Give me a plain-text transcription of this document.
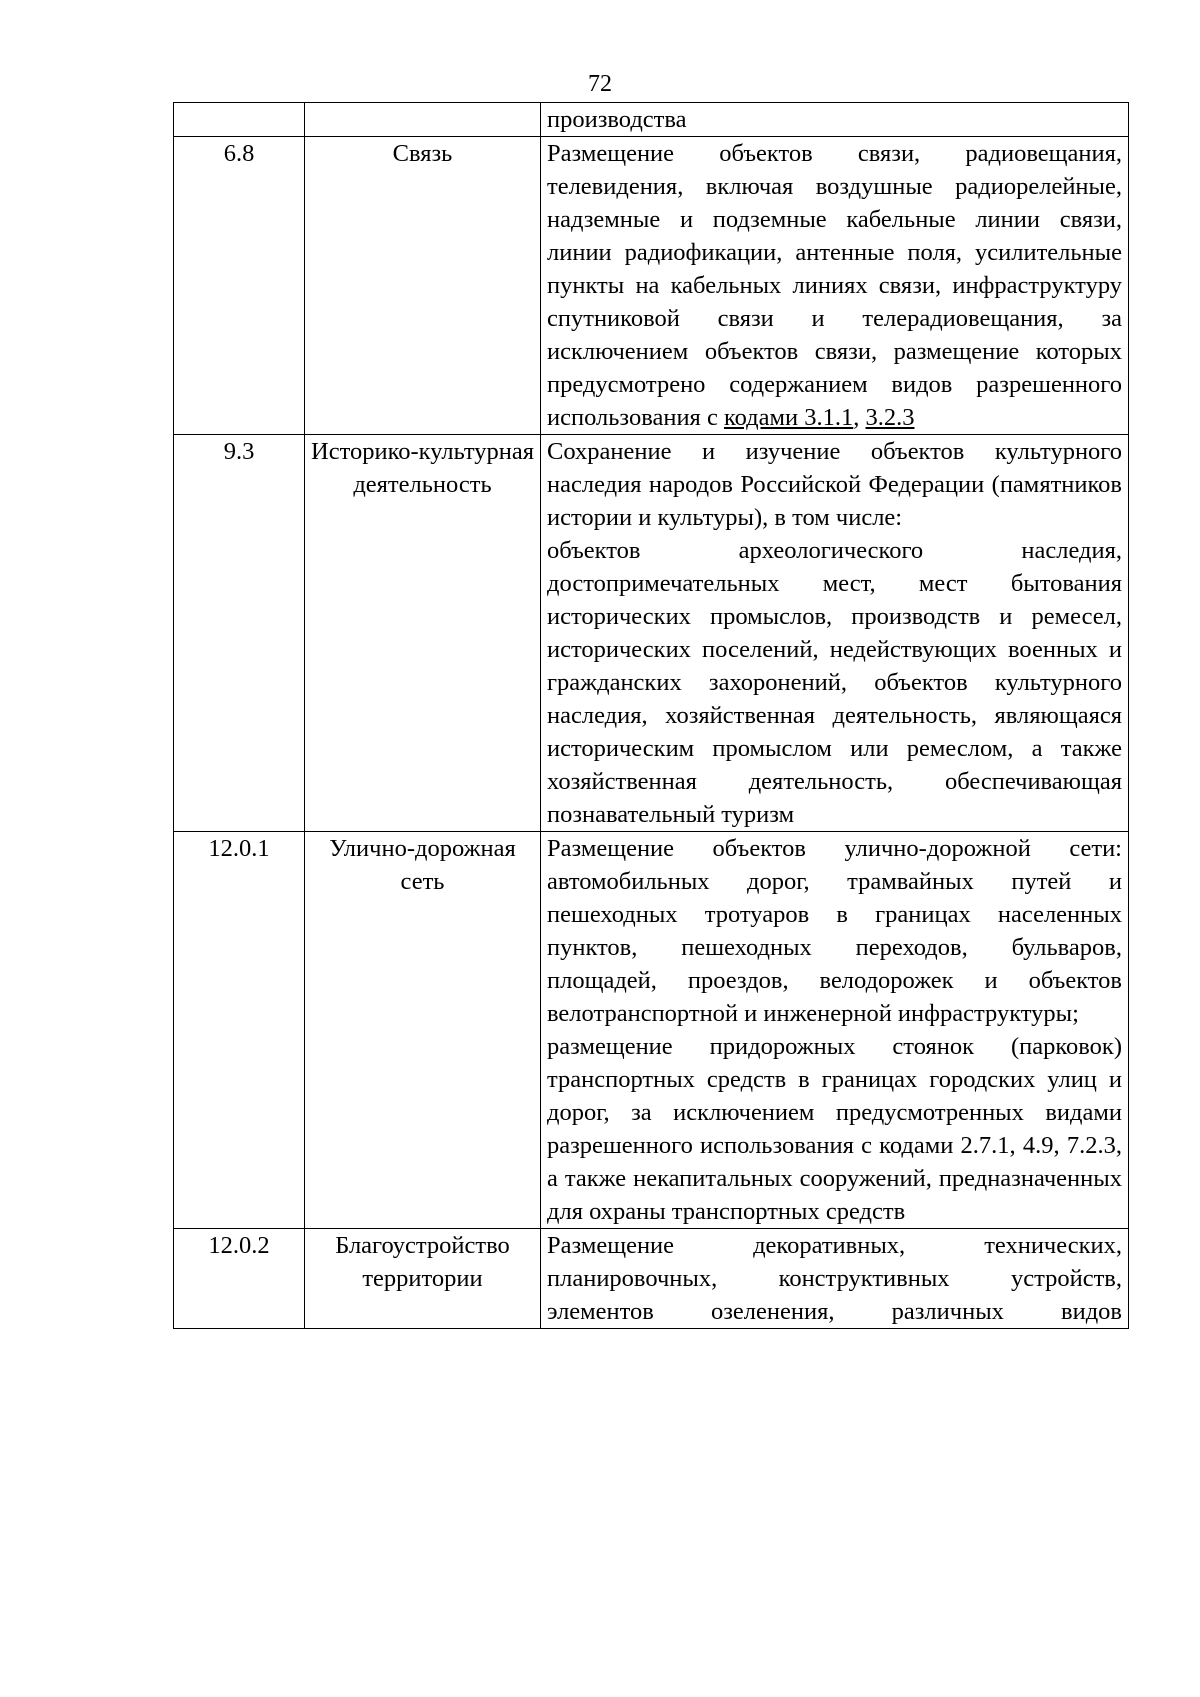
72

		производства

6.8	Связь	Размещение объектов связи, радиовещания, телевидения, включая воздушные радиорелейные, надземные и подземные кабельные линии связи, линии радиофикации, антенные поля, усилительные пункты на кабельных линиях связи, инфраструктуру спутниковой связи и телерадиовещания, за исключением объектов связи, размещение которых предусмотрено содержанием видов разрешенного использования с кодами 3.1.1, 3.2.3

9.3	Историко-культурная деятельность	Сохранение и изучение объектов культурного наследия народов Российской Федерации (памятников истории и культуры), в том числе:
объектов археологического наследия, достопримечательных мест, мест бытования исторических промыслов, производств и ремесел, исторических поселений, недействующих военных и гражданских захоронений, объектов культурного наследия, хозяйственная деятельность, являющаяся историческим промыслом или ремеслом, а также хозяйственная деятельность, обеспечивающая познавательный туризм

12.0.1	Улично-дорожная сеть	Размещение объектов улично-дорожной сети: автомобильных дорог, трамвайных путей и пешеходных тротуаров в границах населенных пунктов, пешеходных переходов, бульваров, площадей, проездов, велодорожек и объектов велотранспортной и инженерной инфраструктуры;
размещение придорожных стоянок (парковок) транспортных средств в границах городских улиц и дорог, за исключением предусмотренных видами разрешенного использования с кодами 2.7.1, 4.9, 7.2.3, а также некапитальных сооружений, предназначенных для охраны транспортных средств

12.0.2	Благоустройство территории	Размещение декоративных, технических, планировочных, конструктивных устройств, элементов озеленения, различных видов
